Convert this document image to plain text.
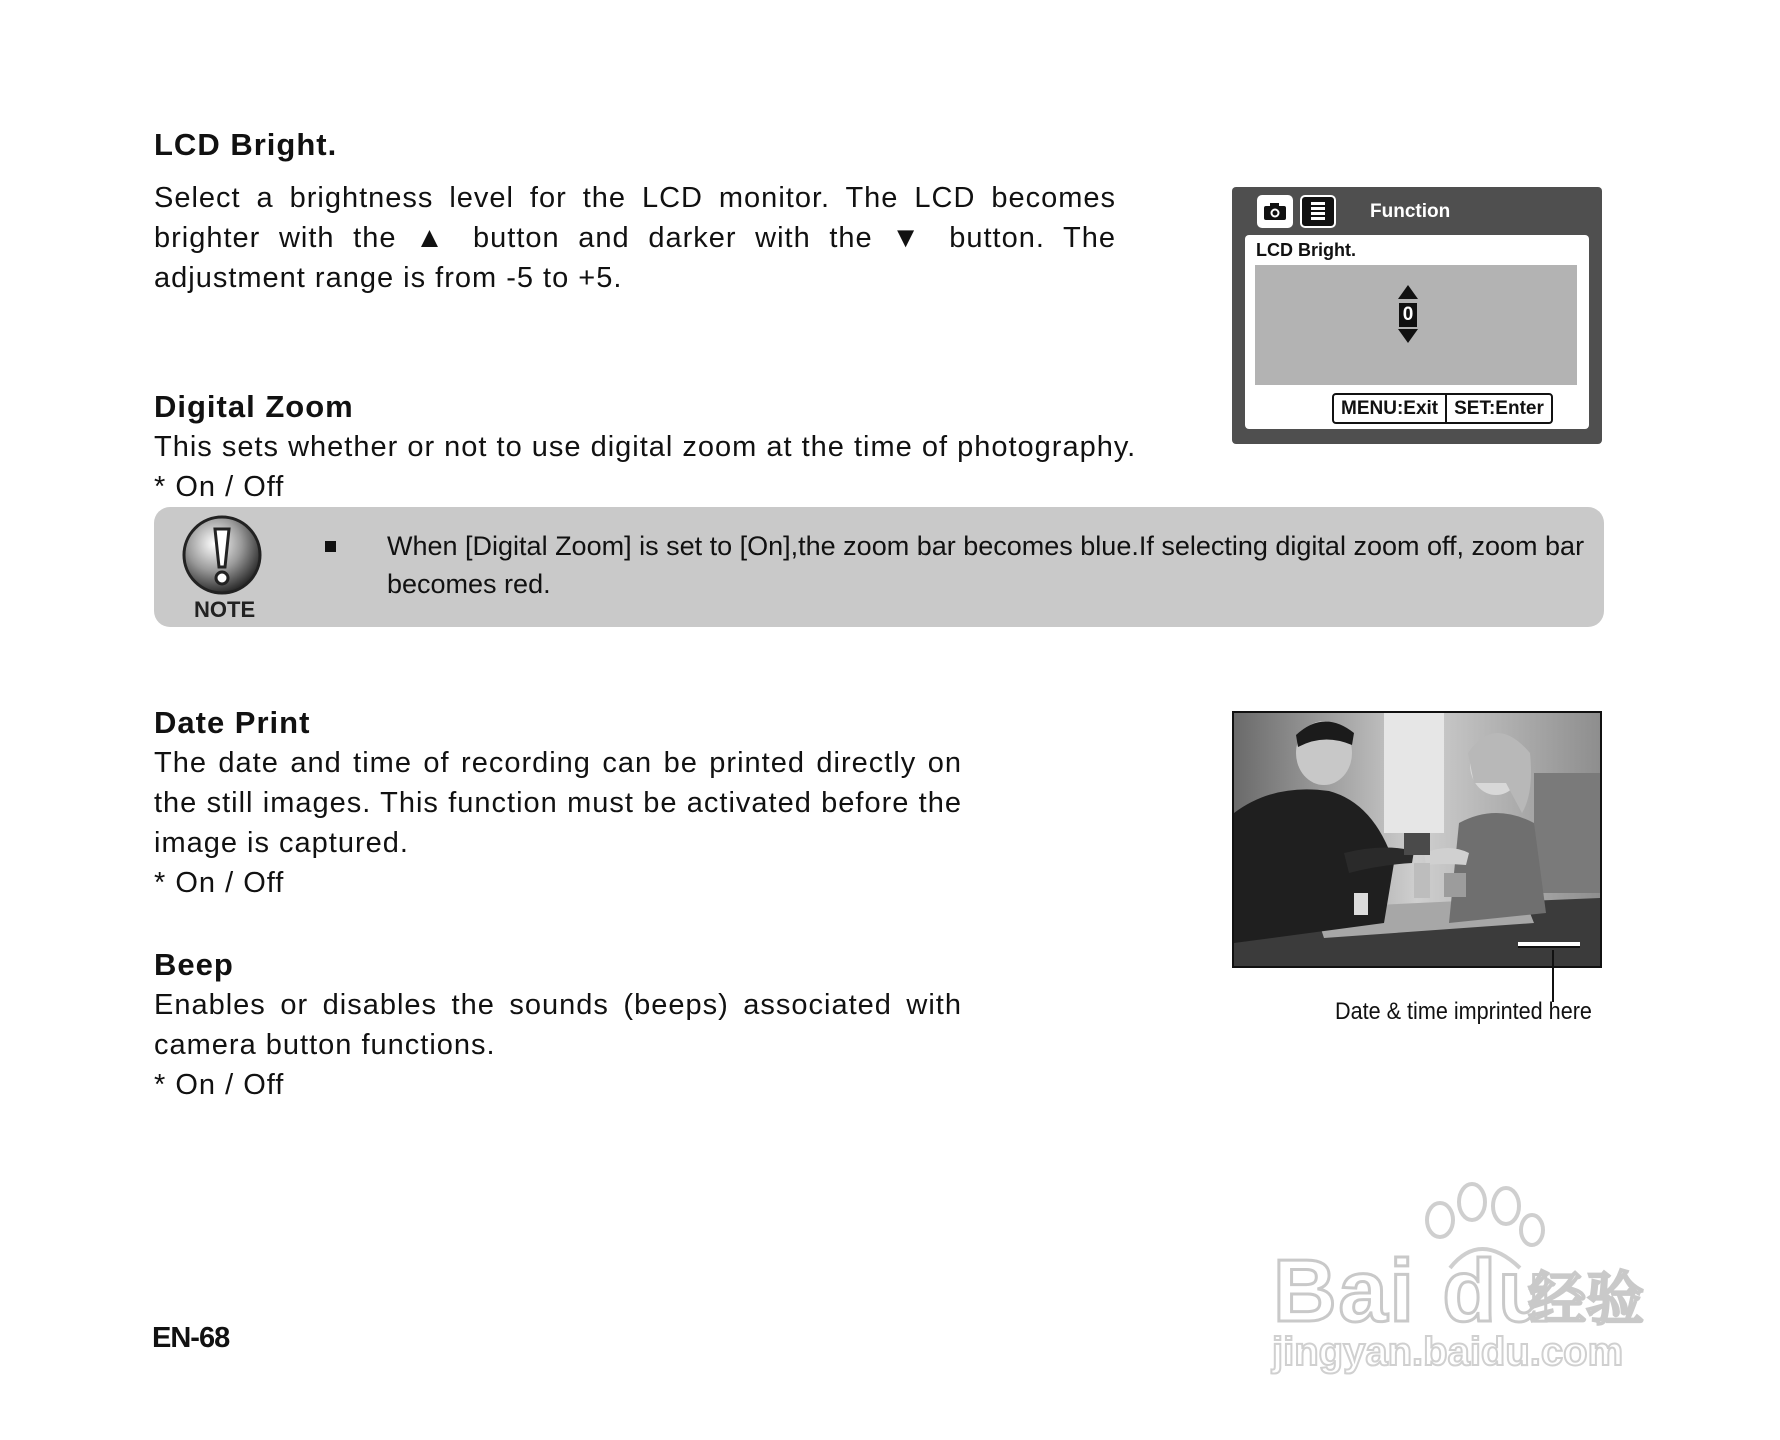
LCD Bright.

Select a brightness level for the LCD monitor. The LCD becomes brighter with the ▲ button and darker with the ▼ button. The adjustment range is from -5 to +5.

Function
LCD Bright.
0
MENU:Exit SET:Enter
Digital Zoom

This sets whether or not to use digital zoom at the time of photography.

* On / Off

NOTE

When [Digital Zoom] is set to [On],the zoom bar becomes blue.If selecting digital zoom off, zoom bar becomes red.

Date Print

The date and time of recording can be printed directly on the still images. This function must be activated before the image is captured.

* On / Off

Date & time imprinted here
Beep

Enables or disables the sounds (beeps) associated with camera button functions.

* On / Off

Bai du
经验
jingyan.baidu.com
EN-68
